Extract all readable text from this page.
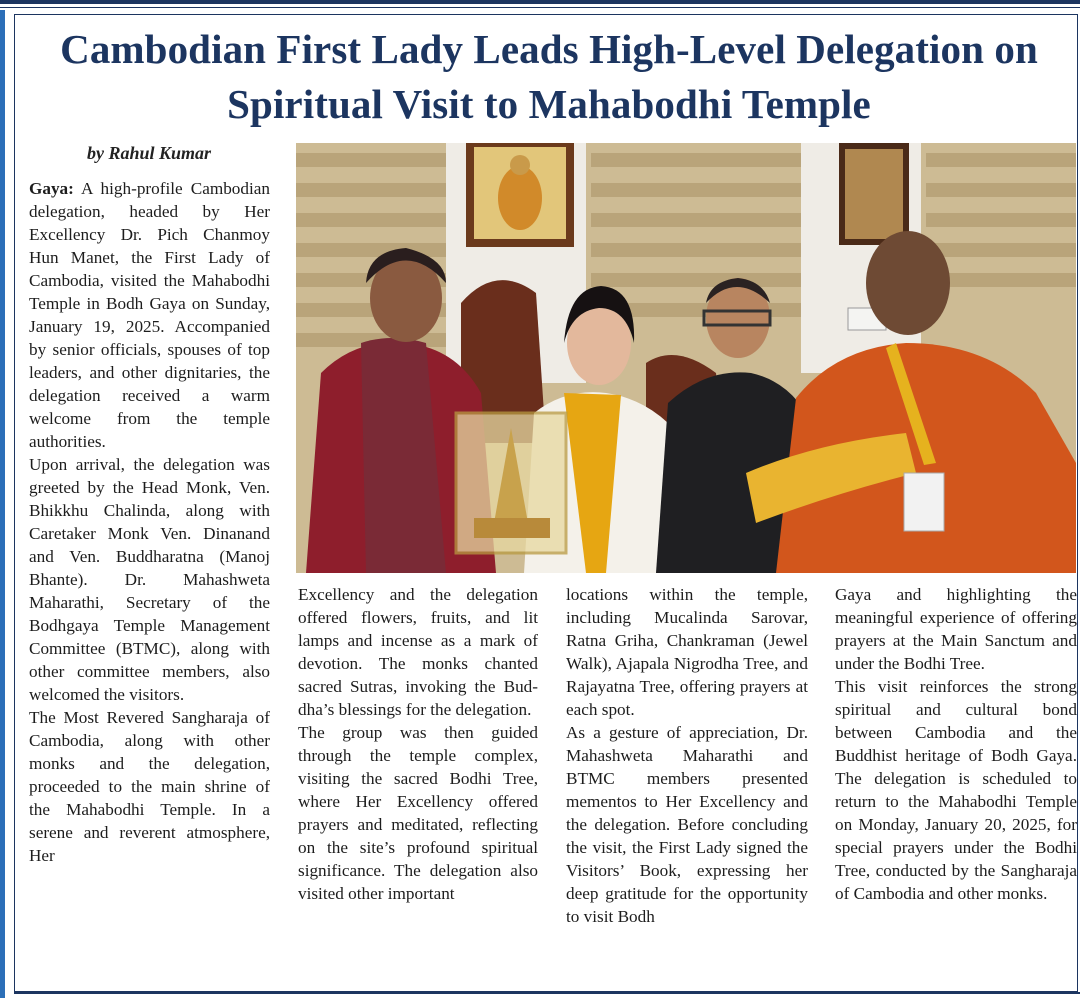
Cambodian First Lady Leads High-Level Delegation on Spiritual Visit to Mahabodhi Temple
by Rahul Kumar

Gaya: A high-profile Cambodian delegation, headed by Her Excellency Dr. Pich Chanmoy Hun Manet, the First Lady of Cambodia, visited the Mahabodhi Temple in Bodh Gaya on Sunday, January 19, 2025. Accompanied by senior officials, spouses of top leaders, and other dignitaries, the delegation received a warm welcome from the temple authorities.

Upon arrival, the delegation was greeted by the Head Monk, Ven. Bhikkhu Chalinda, along with Caretaker Monk Ven. Dinanand and Ven. Buddharatna (Manoj Bhante). Dr. Mahashweta Maharathi, Secretary of the Bodhgaya Temple Management Committee (BTMC), along with other committee members, also welcomed the visitors.

The Most Revered Sangharaja of Cambodia, along with other monks and the delegation, proceeded to the main shrine of the Mahabodhi Temple. In a serene and reverent atmosphere, Her

Excellency and the delegation offered flowers, fruits, and lit lamps and incense as a mark of devotion. The monks chanted sacred Sutras, invoking the Buddha’s blessings for the delegation.

The group was then guided through the temple complex, visiting the sacred Bodhi Tree, where Her Excellency offered prayers and meditated, reflecting on the site’s profound spiritual significance. The delegation also visited other important

locations within the temple, including Mucalinda Sarovar, Ratna Griha, Chankraman (Jewel Walk), Ajapala Nigrodha Tree, and Rajayatna Tree, offering prayers at each spot.

As a gesture of appreciation, Dr. Mahashweta Maharathi and BTMC members presented mementos to Her Excellency and the delegation. Before concluding the visit, the First Lady signed the Visitors’ Book, expressing her deep gratitude for the opportunity to visit Bodh

Gaya and highlighting the meaningful experience of offering prayers at the Main Sanctum and under the Bodhi Tree.

This visit reinforces the strong spiritual and cultural bond between Cambodia and the Buddhist heritage of Bodh Gaya. The delegation is scheduled to return to the Mahabodhi Temple on Monday, January 20, 2025, for special prayers under the Bodhi Tree, conducted by the Sangharaja of Cambodia and other monks.
